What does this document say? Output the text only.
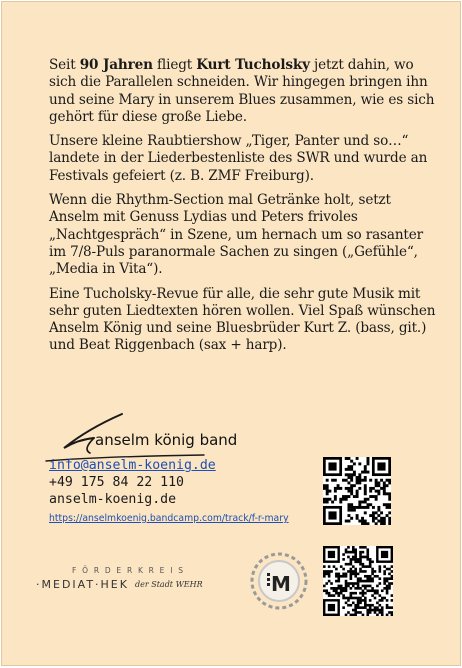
Seit 90 Jahren fliegt Kurt Tucholsky jetzt dahin, wo sich die Parallelen schneiden. Wir hingegen bringen ihn und seine Mary in unserem Blues zusammen, wie es sich gehört für diese große Liebe.

Unsere kleine Raubtiershow „Tiger, Panter und so…“ landete in der Liederbestenliste des SWR und wurde an Festivals gefeiert (z. B. ZMF Freiburg).

Wenn die Rhythm-Section mal Getränke holt, setzt Anselm mit Genuss Lydias und Peters frivoles „Nachtgespräch“ in Szene, um hernach um so rasanter im 7/8-Puls paranormale Sachen zu singen („Gefühle“, „Media in Vita“).

Eine Tucholsky-Revue für alle, die sehr gute Musik mit sehr guten Liedtexten hören wollen. Viel Spaß wünschen Anselm König und seine Bluesbrüder Kurt Z. (bass, git.) und Beat Riggenbach (sax + harp).

anselm könig band
info@anselm-koenig.de
+49 175 84 22 110
anselm-koenig.de
https://anselmkoenig.bandcamp.com/track/f-r-mary
FÖRDERKREIS
·MEDIAT·HEK der Stadt WEHR	M
